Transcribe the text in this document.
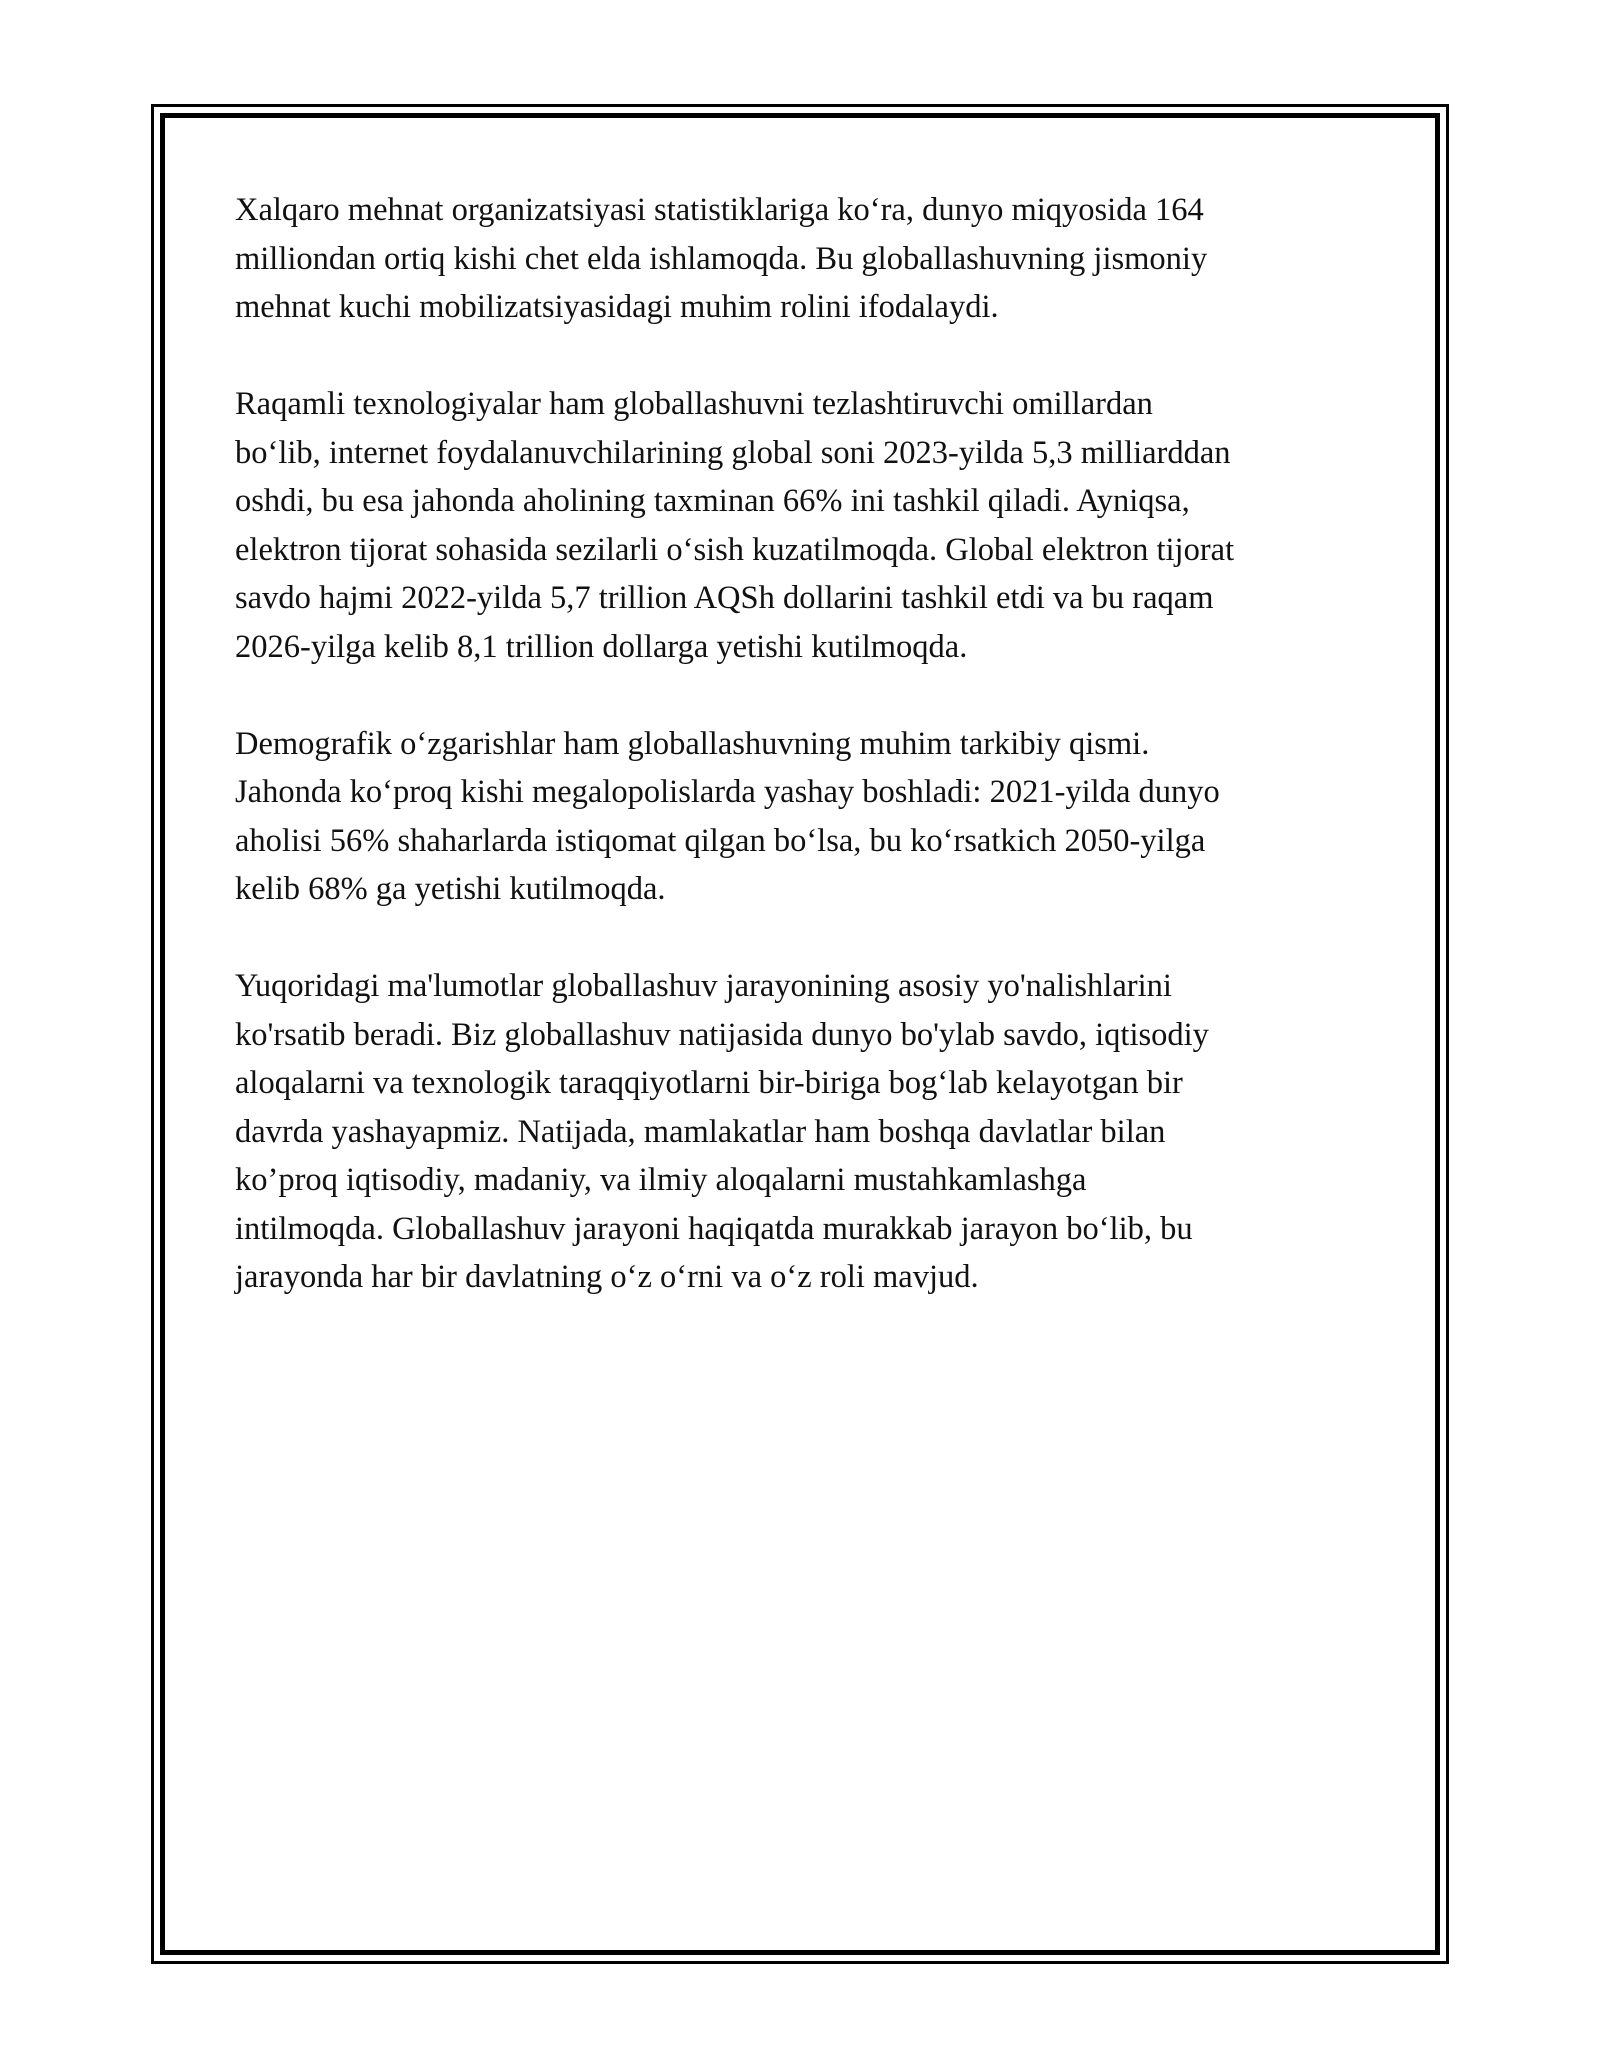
Xalqaro mehnat organizatsiyasi statistiklariga koʻra, dunyo miqyosida 164
milliondan ortiq kishi chet elda ishlamoqda. Bu globallashuvning jismoniy
mehnat kuchi mobilizatsiyasidagi muhim rolini ifodalaydi.

Raqamli texnologiyalar ham globallashuvni tezlashtiruvchi omillardan
boʻlib, internet foydalanuvchilarining global soni 2023-yilda 5,3 milliarddan
oshdi, bu esa jahonda aholining taxminan 66% ini tashkil qiladi. Ayniqsa,
elektron tijorat sohasida sezilarli oʻsish kuzatilmoqda. Global elektron tijorat
savdo hajmi 2022-yilda 5,7 trillion AQSh dollarini tashkil etdi va bu raqam
2026-yilga kelib 8,1 trillion dollarga yetishi kutilmoqda.

Demografik oʻzgarishlar ham globallashuvning muhim tarkibiy qismi.
Jahonda koʻproq kishi megalopolislarda yashay boshladi: 2021-yilda dunyo
aholisi 56% shaharlarda istiqomat qilgan boʻlsa, bu koʻrsatkich 2050-yilga
kelib 68% ga yetishi kutilmoqda.

Yuqoridagi ma'lumotlar globallashuv jarayonining asosiy yo'nalishlarini
ko'rsatib beradi. Biz globallashuv natijasida dunyo bo'ylab savdo, iqtisodiy
aloqalarni va texnologik taraqqiyotlarni bir-biriga bogʻlab kelayotgan bir
davrda yashayapmiz. Natijada, mamlakatlar ham boshqa davlatlar bilan
ko’proq iqtisodiy, madaniy, va ilmiy aloqalarni mustahkamlashga
intilmoqda. Globallashuv jarayoni haqiqatda murakkab jarayon boʻlib, bu
jarayonda har bir davlatning oʻz oʻrni va oʻz roli mavjud.
